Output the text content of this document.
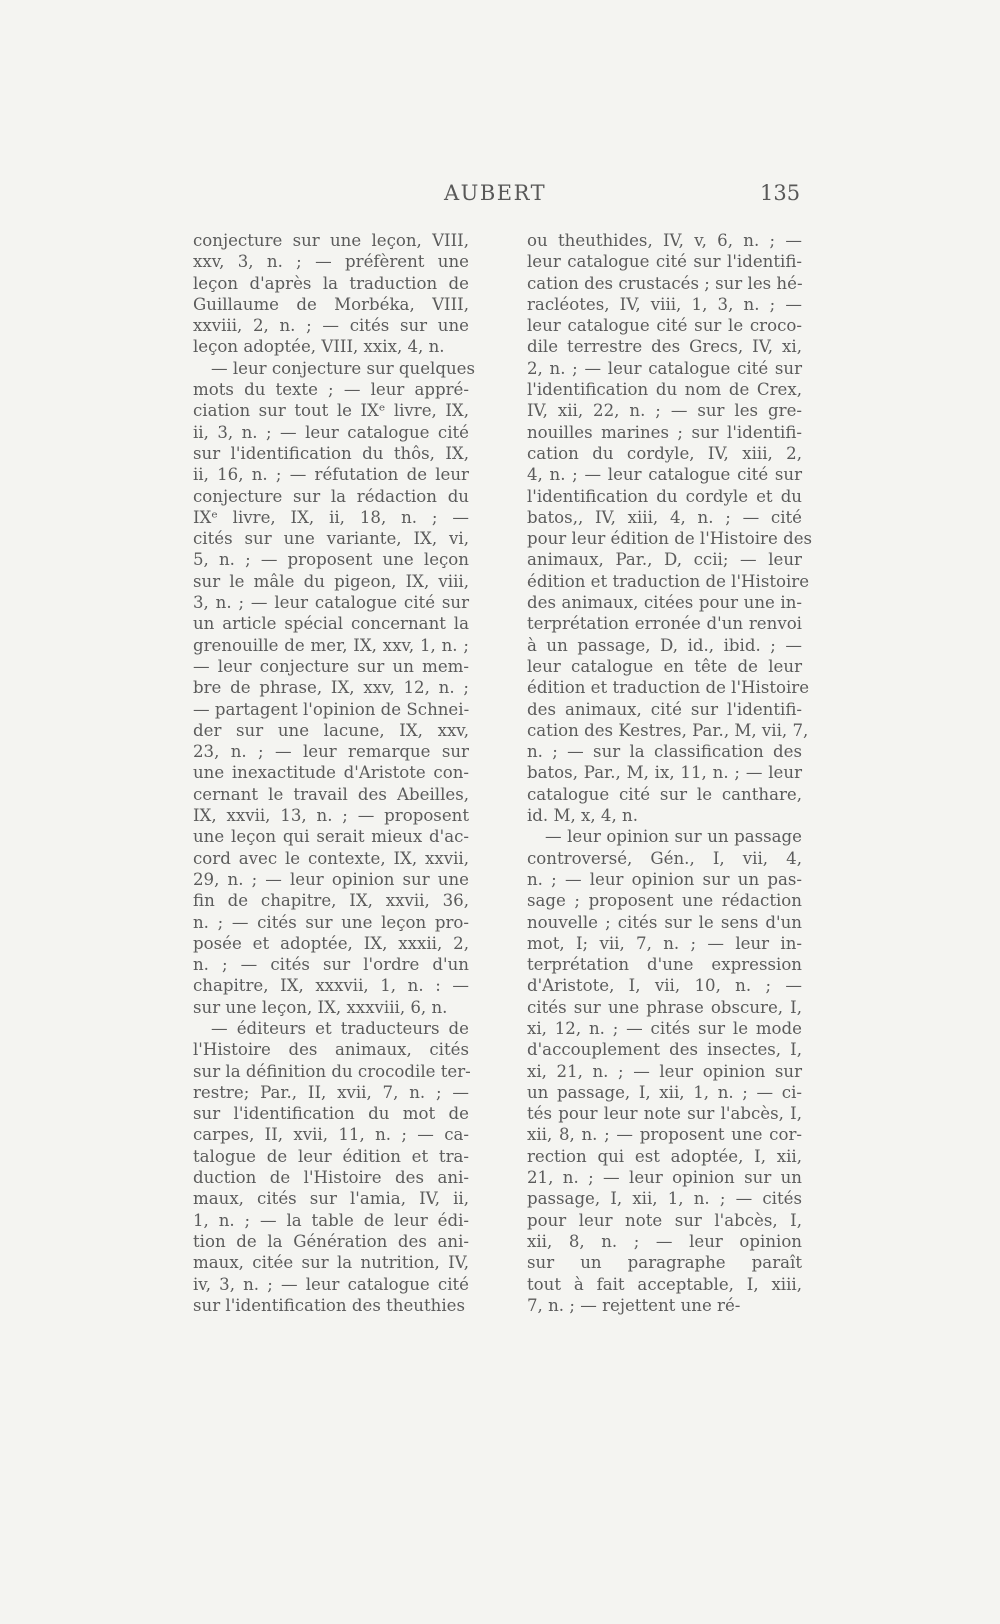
AUBERT	135
conjecture sur une leçon, VIII,
xxv, 3, n. ; — préfèrent une
leçon d'après la traduction de
Guillaume de Morbéka, VIII,
xxviii, 2, n. ; — cités sur une
leçon adoptée, VIII, xxix, 4, n.
— leur conjecture sur quelques
mots du texte ; — leur appré-
ciation sur tout le IXᵉ livre, IX,
ii, 3, n. ; — leur catalogue cité
sur l'identification du thôs, IX,
ii, 16, n. ; — réfutation de leur
conjecture sur la rédaction du
IXᵉ livre, IX, ii, 18, n. ; —
cités sur une variante, IX, vi,
5, n. ; — proposent une leçon
sur le mâle du pigeon, IX, viii,
3, n. ; — leur catalogue cité sur
un article spécial concernant la
grenouille de mer, IX, xxv, 1, n. ;
— leur conjecture sur un mem-
bre de phrase, IX, xxv, 12, n. ;
— partagent l'opinion de Schnei-
der sur une lacune, IX, xxv,
23, n. ; — leur remarque sur
une inexactitude d'Aristote con-
cernant le travail des Abeilles,
IX, xxvii, 13, n. ; — proposent
une leçon qui serait mieux d'ac-
cord avec le contexte, IX, xxvii,
29, n. ; — leur opinion sur une
fin de chapitre, IX, xxvii, 36,
n. ; — cités sur une leçon pro-
posée et adoptée, IX, xxxii, 2,
n. ; — cités sur l'ordre d'un
chapitre, IX, xxxvii, 1, n. : —
sur une leçon, IX, xxxviii, 6, n.
— éditeurs et traducteurs de
l'Histoire des animaux, cités
sur la définition du crocodile ter-
restre; Par., II, xvii, 7, n. ; —
sur l'identification du mot de
carpes, II, xvii, 11, n. ; — ca-
talogue de leur édition et tra-
duction de l'Histoire des ani-
maux, cités sur l'amia, IV, ii,
1, n. ; — la table de leur édi-
tion de la Génération des ani-
maux, citée sur la nutrition, IV,
iv, 3, n. ; — leur catalogue cité
sur l'identification des theuthies
ou theuthides, IV, v, 6, n. ; —
leur catalogue cité sur l'identifi-
cation des crustacés ; sur les hé-
racléotes, IV, viii, 1, 3, n. ; —
leur catalogue cité sur le croco-
dile terrestre des Grecs, IV, xi,
2, n. ; — leur catalogue cité sur
l'identification du nom de Crex,
IV, xii, 22, n. ; — sur les gre-
nouilles marines ; sur l'identifi-
cation du cordyle, IV, xiii, 2,
4, n. ; — leur catalogue cité sur
l'identification du cordyle et du
batos,, IV, xiii, 4, n. ; — cité
pour leur édition de l'Histoire des
animaux, Par., D, ccii; — leur
édition et traduction de l'Histoire
des animaux, citées pour une in-
terprétation erronée d'un renvoi
à un passage, D, id., ibid. ; —
leur catalogue en tête de leur
édition et traduction de l'Histoire
des animaux, cité sur l'identifi-
cation des Kestres, Par., M, vii, 7,
n. ; — sur la classification des
batos, Par., M, ix, 11, n. ; — leur
catalogue cité sur le canthare,
id. M, x, 4, n.
— leur opinion sur un passage
controversé, Gén., I, vii, 4,
n. ; — leur opinion sur un pas-
sage ; proposent une rédaction
nouvelle ; cités sur le sens d'un
mot, I; vii, 7, n. ; — leur in-
terprétation d'une expression
d'Aristote, I, vii, 10, n. ; —
cités sur une phrase obscure, I,
xi, 12, n. ; — cités sur le mode
d'accouplement des insectes, I,
xi, 21, n. ; — leur opinion sur
un passage, I, xii, 1, n. ; — ci-
tés pour leur note sur l'abcès, I,
xii, 8, n. ; — proposent une cor-
rection qui est adoptée, I, xii,
21, n. ; — leur opinion sur un
passage, I, xii, 1, n. ; — cités
pour leur note sur l'abcès, I,
xii, 8, n. ; — leur opinion
sur un paragraphe paraît
tout à fait acceptable, I, xiii,
7, n. ; — rejettent une ré-
